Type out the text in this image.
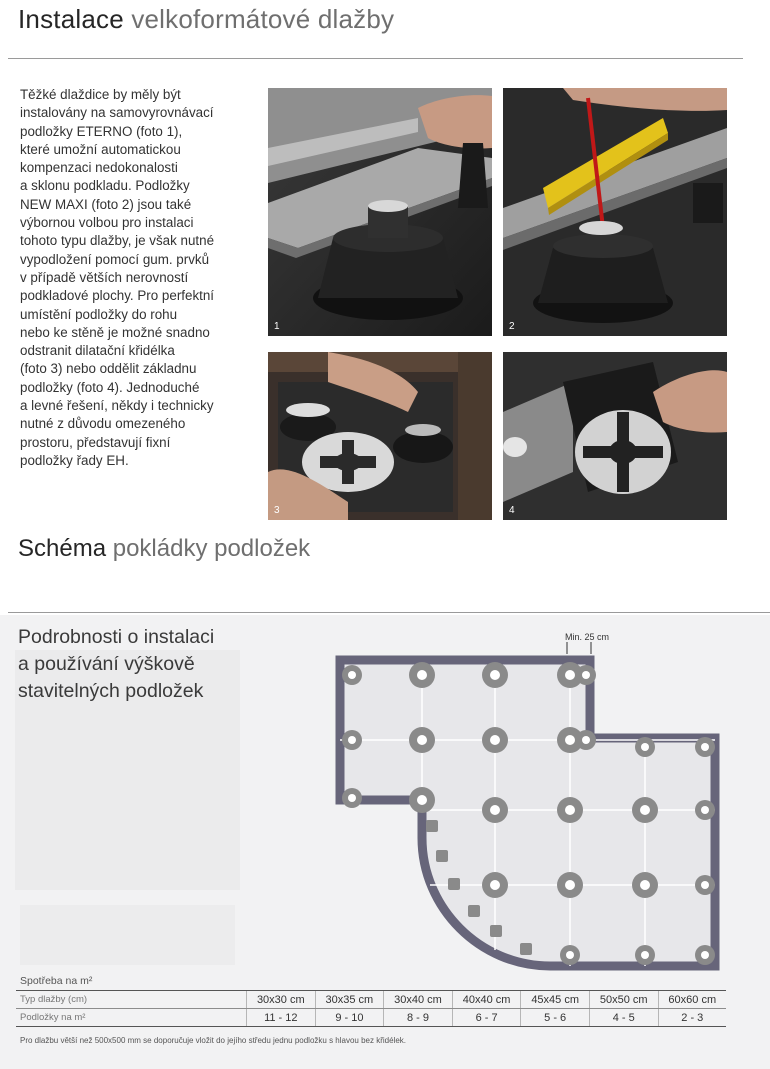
Instalace velkoformátové dlažby
Těžké dlaždice by měly být
instalovány na samovyrovnávací
podložky ETERNO (foto 1),
které umožní automatickou
kompenzaci nedokonalosti
a sklonu podkladu. Podložky
NEW MAXI (foto 2) jsou také
výbornou volbou pro instalaci
tohoto typu dlažby, je však nutné
vypodložení pomocí gum. prvků
v případě větších nerovností
podkladové plochy. Pro perfektní
umístění podložky do rohu
nebo ke stěně je možné snadno
odstranit dilatační křidélka
(foto 3) nebo oddělit základnu
podložky (foto 4). Jednoduché
a levné řešení, někdy i technicky
nutné z důvodu omezeného
prostoru, představují fixní
podložky řady EH.
1	2
3	4
Schéma pokládky podložek
Podrobnosti o instalaci
a používání výškově
stavitelných podložek
Min. 25 cm
Spotřeba na m²
Typ dlažby (cm)	30x30 cm	30x35 cm	30x40 cm	40x40 cm	45x45 cm	50x50 cm	60x60 cm
Podložky na m²	11 - 12	9 - 10	8 - 9	6 - 7	5 - 6	4 - 5	2 - 3
Pro dlažbu větší než 500x500 mm se doporučuje vložit do jejího středu jednu podložku s hlavou bez křidélek.
